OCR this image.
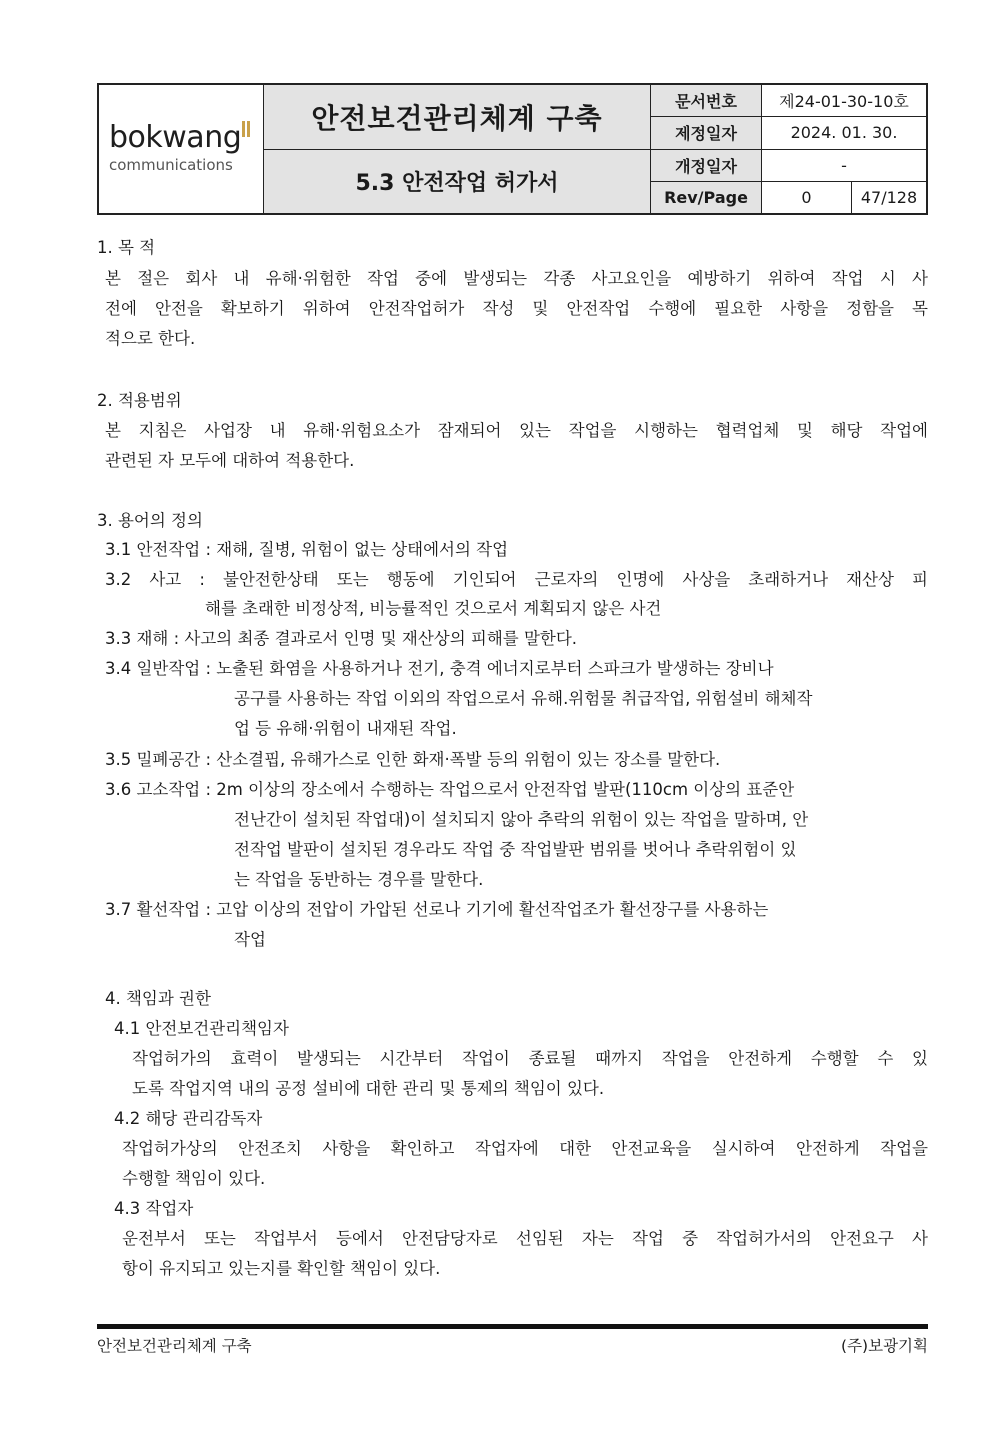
bokwang
communications
안전보건관리체계 구축
5.3 안전작업 허가서
문서번호	제24-01-30-10호
제정일자	2024. 01. 30.
개정일자	-
Rev/Page	0	47/128
1. 목 적
본 절은 회사 내 유해·위험한 작업 중에 발생되는 각종 사고요인을 예방하기 위하여 작업 시 사
전에 안전을 확보하기 위하여 안전작업허가 작성 및 안전작업 수행에 필요한 사항을 정함을 목
적으로 한다.
2. 적용범위
본 지침은 사업장 내 유해·위험요소가 잠재되어 있는 작업을 시행하는 협력업체 및 해당 작업에
관련된 자 모두에 대하여 적용한다.
3. 용어의 정의
3.1 안전작업 : 재해, 질병, 위험이 없는 상태에서의 작업
3.2 사고 : 불안전한상태 또는 행동에 기인되어 근로자의 인명에 사상을 초래하거나 재산상 피
해를 초래한 비정상적, 비능률적인 것으로서 계획되지 않은 사건
3.3 재해 : 사고의 최종 결과로서 인명 및 재산상의 피해를 말한다.
3.4 일반작업 : 노출된 화염을 사용하거나 전기, 충격 에너지로부터 스파크가 발생하는 장비나
공구를 사용하는 작업 이외의 작업으로서 유해.위험물 취급작업, 위험설비 해체작
업 등 유해·위험이 내재된 작업.
3.5 밀폐공간 : 산소결핍, 유해가스로 인한 화재·폭발 등의 위험이 있는 장소를 말한다.
3.6 고소작업 : 2m 이상의 장소에서 수행하는 작업으로서 안전작업 발판(110cm 이상의 표준안
전난간이 설치된 작업대)이 설치되지 않아 추락의 위험이 있는 작업을 말하며, 안
전작업 발판이 설치된 경우라도 작업 중 작업발판 범위를 벗어나 추락위험이 있
는 작업을 동반하는 경우를 말한다.
3.7 활선작업 : 고압 이상의 전압이 가압된 선로나 기기에 활선작업조가 활선장구를 사용하는
작업
4. 책임과 권한
4.1 안전보건관리책임자
작업허가의 효력이 발생되는 시간부터 작업이 종료될 때까지 작업을 안전하게 수행할 수 있
도록 작업지역 내의 공정 설비에 대한 관리 및 통제의 책임이 있다.
4.2 해당 관리감독자
작업허가상의 안전조치 사항을 확인하고 작업자에 대한 안전교육을 실시하여 안전하게 작업을
수행할 책임이 있다.
4.3 작업자
운전부서 또는 작업부서 등에서 안전담당자로 선임된 자는 작업 중 작업허가서의 안전요구 사
항이 유지되고 있는지를 확인할 책임이 있다.
안전보건관리체계 구축	(주)보광기획
